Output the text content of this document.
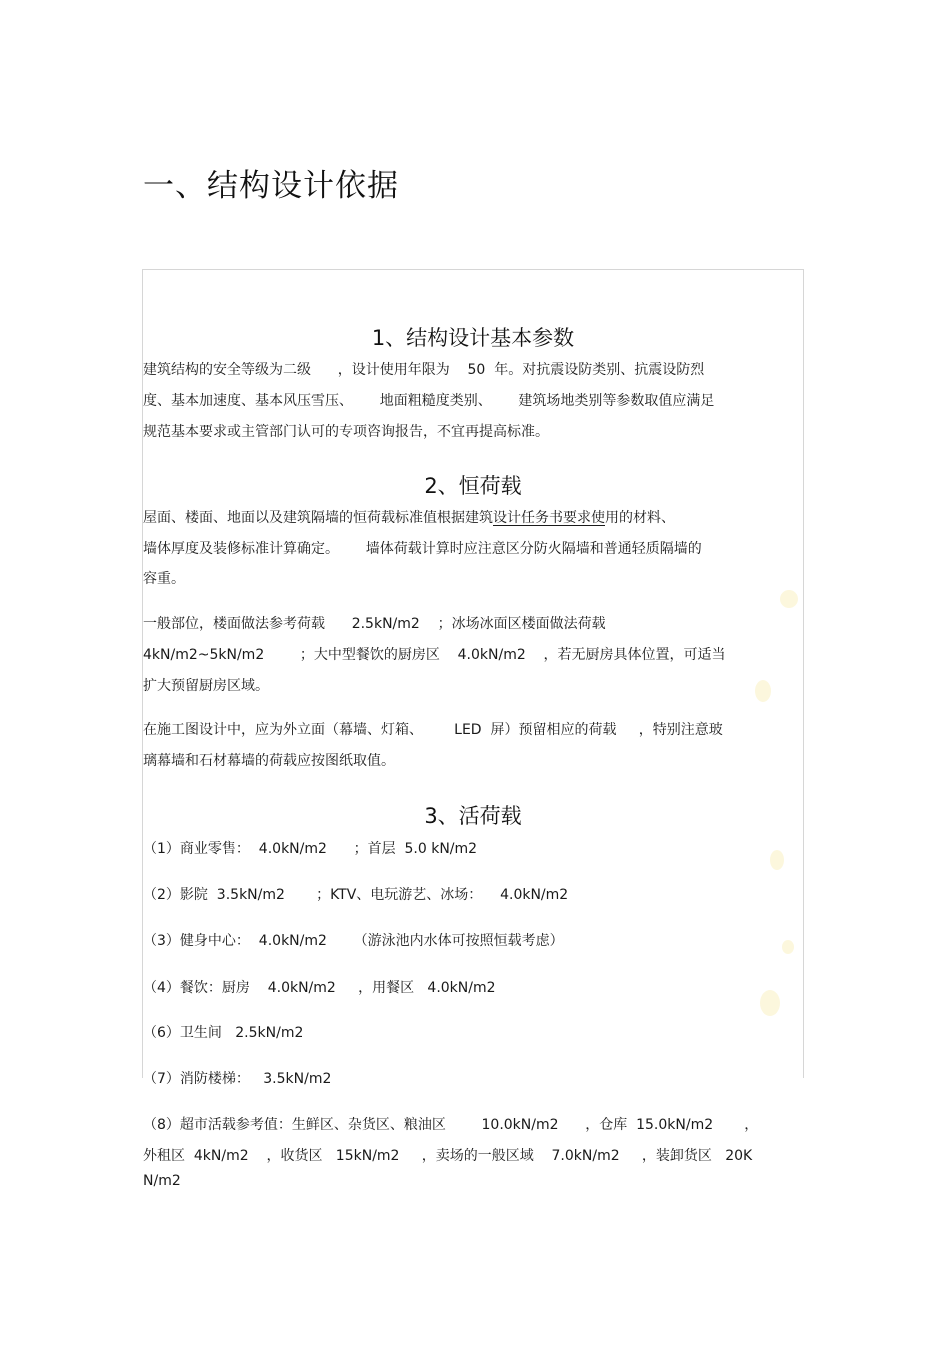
一、结构设计依据
1、结构设计基本参数
建筑结构的安全等级为二级      ，设计使用年限为    50  年。对抗震设防类别、抗震设防烈
度、基本加速度、基本风压雪压、      地面粗糙度类别、      建筑场地类别等参数取值应满足
规范基本要求或主管部门认可的专项咨询报告，不宜再提高标准。
2、恒荷载
屋面、楼面、地面以及建筑隔墙的恒荷载标准值根据建筑设计任务书要求使用的材料、
墙体厚度及装修标准计算确定。      墙体荷载计算时应注意区分防火隔墙和普通轻质隔墙的
容重。
一般部位，楼面做法参考荷载      2.5kN/m2    ；冰场冰面区楼面做法荷载
4kN/m2~5kN/m2        ；大中型餐饮的厨房区    4.0kN/m2    ，若无厨房具体位置，可适当
扩大预留厨房区域。
在施工图设计中，应为外立面（幕墙、灯箱、       LED  屏）预留相应的荷载     ，特别注意玻
璃幕墙和石材幕墙的荷载应按图纸取值。
3、活荷载
（1）商业零售：  4.0kN/m2      ；首层  5.0 kN/m2
（2）影院  3.5kN/m2       ；KTV、电玩游艺、冰场：    4.0kN/m2
（3）健身中心：  4.0kN/m2      （游泳池内水体可按照恒载考虑）
（4）餐饮：厨房    4.0kN/m2     ，用餐区   4.0kN/m2
（6）卫生间   2.5kN/m2
（7）消防楼梯：   3.5kN/m2
（8）超市活载参考值：生鲜区、杂货区、粮油区        10.0kN/m2      ，仓库  15.0kN/m2       ，
外租区  4kN/m2    ，收货区   15kN/m2     ，卖场的一般区域    7.0kN/m2     ，装卸货区   20K
N/m2
